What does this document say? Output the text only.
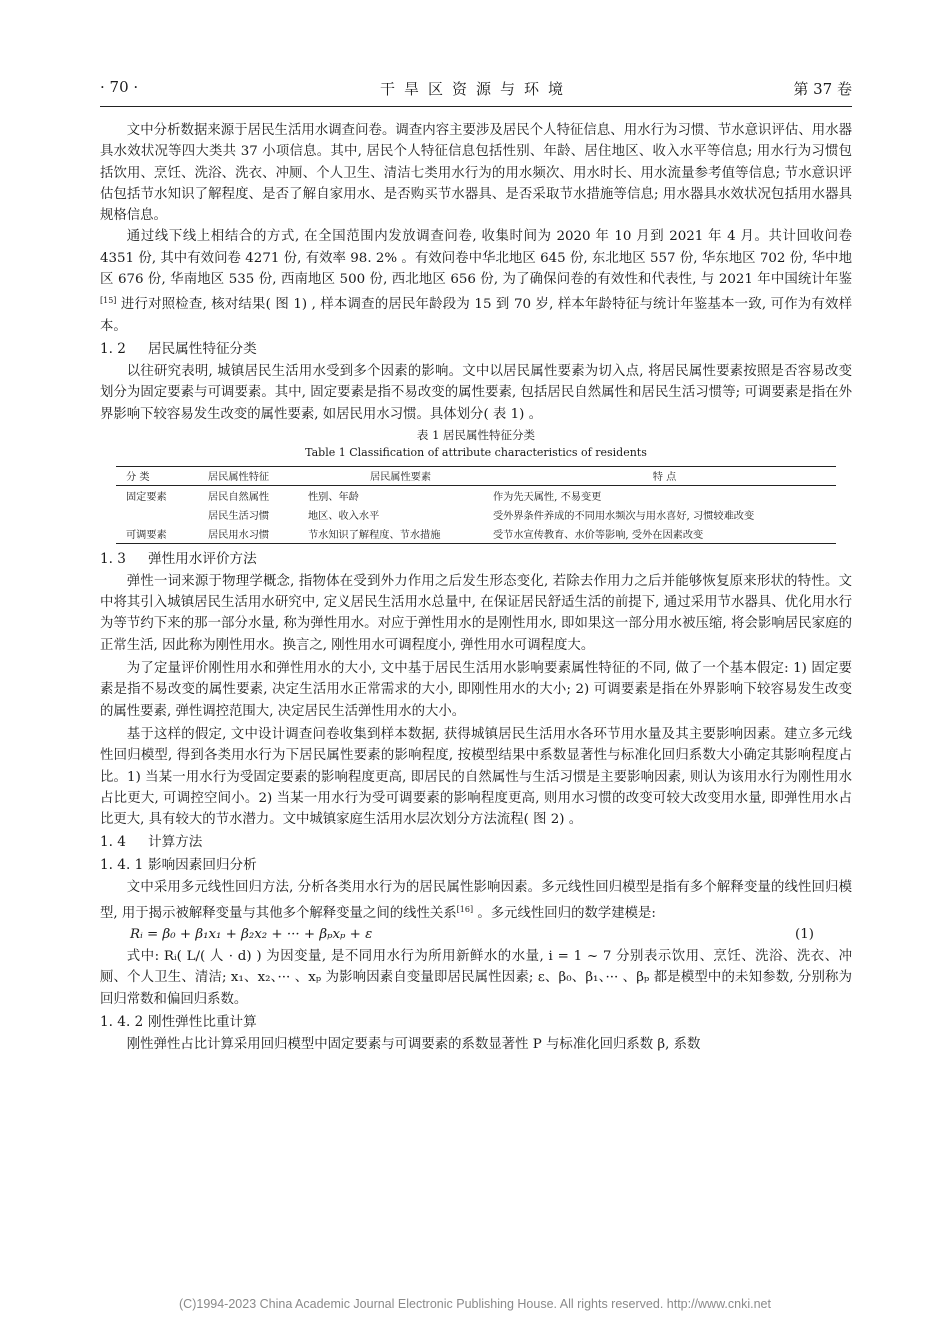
· 70 ·	干旱区资源与环境	第 37 卷

文中分析数据来源于居民生活用水调查问卷。调查内容主要涉及居民个人特征信息、用水行为习惯、节水意识评估、用水器具水效状况等四大类共 37 小项信息。其中, 居民个人特征信息包括性别、年龄、居住地区、收入水平等信息; 用水行为习惯包括饮用、烹饪、洗浴、洗衣、冲厕、个人卫生、清洁七类用水行为的用水频次、用水时长、用水流量参考值等信息; 节水意识评估包括节水知识了解程度、是否了解自家用水、是否购买节水器具、是否采取节水措施等信息; 用水器具水效状况包括用水器具规格信息。

通过线下线上相结合的方式, 在全国范围内发放调查问卷, 收集时间为 2020 年 10 月到 2021 年 4 月。共计回收问卷 4351 份, 其中有效问卷 4271 份, 有效率 98. 2% 。有效问卷中华北地区 645 份, 东北地区 557 份, 华东地区 702 份, 华中地区 676 份, 华南地区 535 份, 西南地区 500 份, 西北地区 656 份, 为了确保问卷的有效性和代表性, 与 2021 年中国统计年鉴[15] 进行对照检查, 核对结果( 图 1) , 样本调查的居民年龄段为 15 到 70 岁, 样本年龄特征与统计年鉴基本一致, 可作为有效样本。

1. 2 居民属性特征分类

以往研究表明, 城镇居民生活用水受到多个因素的影响。文中以居民属性要素为切入点, 将居民属性要素按照是否容易改变划分为固定要素与可调要素。其中, 固定要素是指不易改变的属性要素, 包括居民自然属性和居民生活习惯等; 可调要素是指在外界影响下较容易发生改变的属性要素, 如居民用水习惯。具体划分( 表 1) 。

表 1 居民属性特征分类
Table 1 Classification of attribute characteristics of residents
分 类	居民属性特征	居民属性要素	特 点
固定要素	居民自然属性	性别、年龄	作为先天属性, 不易变更
	居民生活习惯	地区、收入水平	受外界条件养成的不同用水频次与用水喜好, 习惯较难改变
可调要素	居民用水习惯	节水知识了解程度、节水措施	受节水宣传教育、水价等影响, 受外在因素改变
1. 3 弹性用水评价方法

弹性一词来源于物理学概念, 指物体在受到外力作用之后发生形态变化, 若除去作用力之后并能够恢复原来形状的特性。文中将其引入城镇居民生活用水研究中, 定义居民生活用水总量中, 在保证居民舒适生活的前提下, 通过采用节水器具、优化用水行为等节约下来的那一部分水量, 称为弹性用水。对应于弹性用水的是刚性用水, 即如果这一部分用水被压缩, 将会影响居民家庭的正常生活, 因此称为刚性用水。换言之, 刚性用水可调程度小, 弹性用水可调程度大。

为了定量评价刚性用水和弹性用水的大小, 文中基于居民生活用水影响要素属性特征的不同, 做了一个基本假定: 1) 固定要素是指不易改变的属性要素, 决定生活用水正常需求的大小, 即刚性用水的大小; 2) 可调要素是指在外界影响下较容易发生改变的属性要素, 弹性调控范围大, 决定居民生活弹性用水的大小。

基于这样的假定, 文中设计调查问卷收集到样本数据, 获得城镇居民生活用水各环节用水量及其主要影响因素。建立多元线性回归模型, 得到各类用水行为下居民属性要素的影响程度, 按模型结果中系数显著性与标准化回归系数大小确定其影响程度占比。1) 当某一用水行为受固定要素的影响程度更高, 即居民的自然属性与生活习惯是主要影响因素, 则认为该用水行为刚性用水占比更大, 可调控空间小。2) 当某一用水行为受可调要素的影响程度更高, 则用水习惯的改变可较大改变用水量, 即弹性用水占比更大, 具有较大的节水潜力。文中城镇家庭生活用水层次划分方法流程( 图 2) 。

1. 4 计算方法
1. 4. 1 影响因素回归分析

文中采用多元线性回归方法, 分析各类用水行为的居民属性影响因素。多元线性回归模型是指有多个解释变量的线性回归模型, 用于揭示被解释变量与其他多个解释变量之间的线性关系[16] 。多元线性回归的数学建模是:

Rᵢ = β₀ + β₁x₁ + β₂x₂ + ··· + βₚxₚ + ε	(1)

式中: Rᵢ( L/( 人 · d) ) 为因变量, 是不同用水行为所用新鲜水的水量, i = 1 ~ 7 分别表示饮用、烹饪、洗浴、洗衣、冲厕、个人卫生、清洁; x₁、x₂、··· 、xₚ 为影响因素自变量即居民属性因素; ε、β₀、β₁、··· 、βₚ 都是模型中的未知参数, 分别称为回归常数和偏回归系数。

1. 4. 2 刚性弹性比重计算

刚性弹性占比计算采用回归模型中固定要素与可调要素的系数显著性 P 与标准化回归系数 β, 系数

(C)1994-2023 China Academic Journal Electronic Publishing House. All rights reserved. http://www.cnki.net
